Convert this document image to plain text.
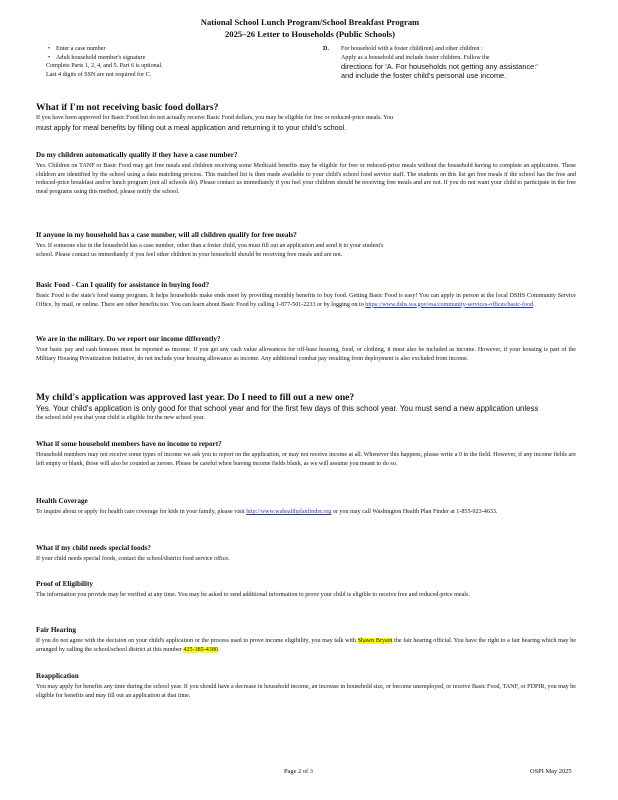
National School Lunch Program/School Breakfast Program
2025–26 Letter to Households (Public Schools)
• Enter a case number
• Adult household member's signature
Complete Parts 1, 2, 4, and 5. Part 6 is optional.
Last 4 digits of SSN are not required for C.
D. For household with a foster child(ren) and other children :
Apply as a household and include foster children. Follow the
directions for 'A. For households not getting any assistance:'
and include the foster child's personal use income.
What if I'm not receiving basic food dollars?

If you have been approved for Basic Food but do not actually receive Basic Food dollars, you may be eligible for free or reduced-price meals. You

must apply for meal benefits by filling out a meal application and returning it to your child's school.

Do my children automatically qualify if they have a case number?

Yes. Children on TANF or Basic Food may get free meals and children receiving some Medicaid benefits may be eligible for free or reduced-price meals without the household having to complete an application. These children are identified by the school using a data matching process. This matched list is then made available to your child's school food service staff. The students on this list get free meals if the school has the free and reduced-price breakfast and/or lunch program (not all schools do). Please contact us immediately if you feel your children should be receiving free meals and are not. If you do not want your child to participate in the free meal programs using this method, please notify the school.

If anyone in my household has a case number, will all children qualify for free meals?

Yes. If someone else in the household has a case number, other than a foster child, you must fill out an application and send it to your student's

school. Please contact us immediately if you feel other children in your household should be receiving free meals and are not.

Basic Food - Can I qualify for assistance in buying food?

Basic Food is the state's food stamp program. It helps households make ends meet by providing monthly benefits to buy food. Getting Basic Food is easy! You can apply in person at the local DSHS Community Service Office, by mail, or online. There are other benefits too. You can learn about Basic Food by calling 1-877-501-2233 or by logging on to https://www.dshs.wa.gov/esa/community-services-offices/basic-food.

We are in the military. Do we report our income differently?

Your basic pay and cash bonuses must be reported as income. If you get any cash value allowances for off-base housing, food, or clothing, it must also be included as income. However, if your housing is part of the Military Housing Privatization Initiative, do not include your housing allowance as income. Any additional combat pay resulting from deployment is also excluded from income.

My child's application was approved last year. Do I need to fill out a new one?

Yes. Your child's application is only good for that school year and for the first few days of this school year. You must send a new application unless

the school told you that your child is eligible for the new school year.

What if some household members have no income to report?

Household members may not receive some types of income we ask you to report on the application, or may not receive income at all. Whenever this happens, please write a 0 in the field. However, if any income fields are left empty or blank, those will also be counted as zeroes. Please be careful when leaving income fields blank, as we will assume you meant to do so.

Health Coverage

To inquire about or apply for health care coverage for kids in your family, please visit http://www.wahealthplanfinder.org or you may call Washington Health Plan Finder at 1-855-923-4633.

What if my child needs special foods?

If your child needs special foods, contact the school/district food service office.

Proof of Eligibility

The information you provide may be verified at any time. You may be asked to send additional information to prove your child is eligible to receive free and reduced-price meals.

Fair Hearing

If you do not agree with the decision on your child's application or the process used to prove income eligibility, you may talk with Shawn Bryant the fair hearing official. You have the right to a fair hearing which may be arranged by calling the school/school district at this number 425-385-4380.

Reapplication

You may apply for benefits any time during the school year. If you should have a decrease in household income, an increase in household size, or become unemployed, or receive Basic Food, TANF, or FDPIR, you may be eligible for benefits and may fill out an application at that time.

Page 2 of 3	OSPI May 2025
